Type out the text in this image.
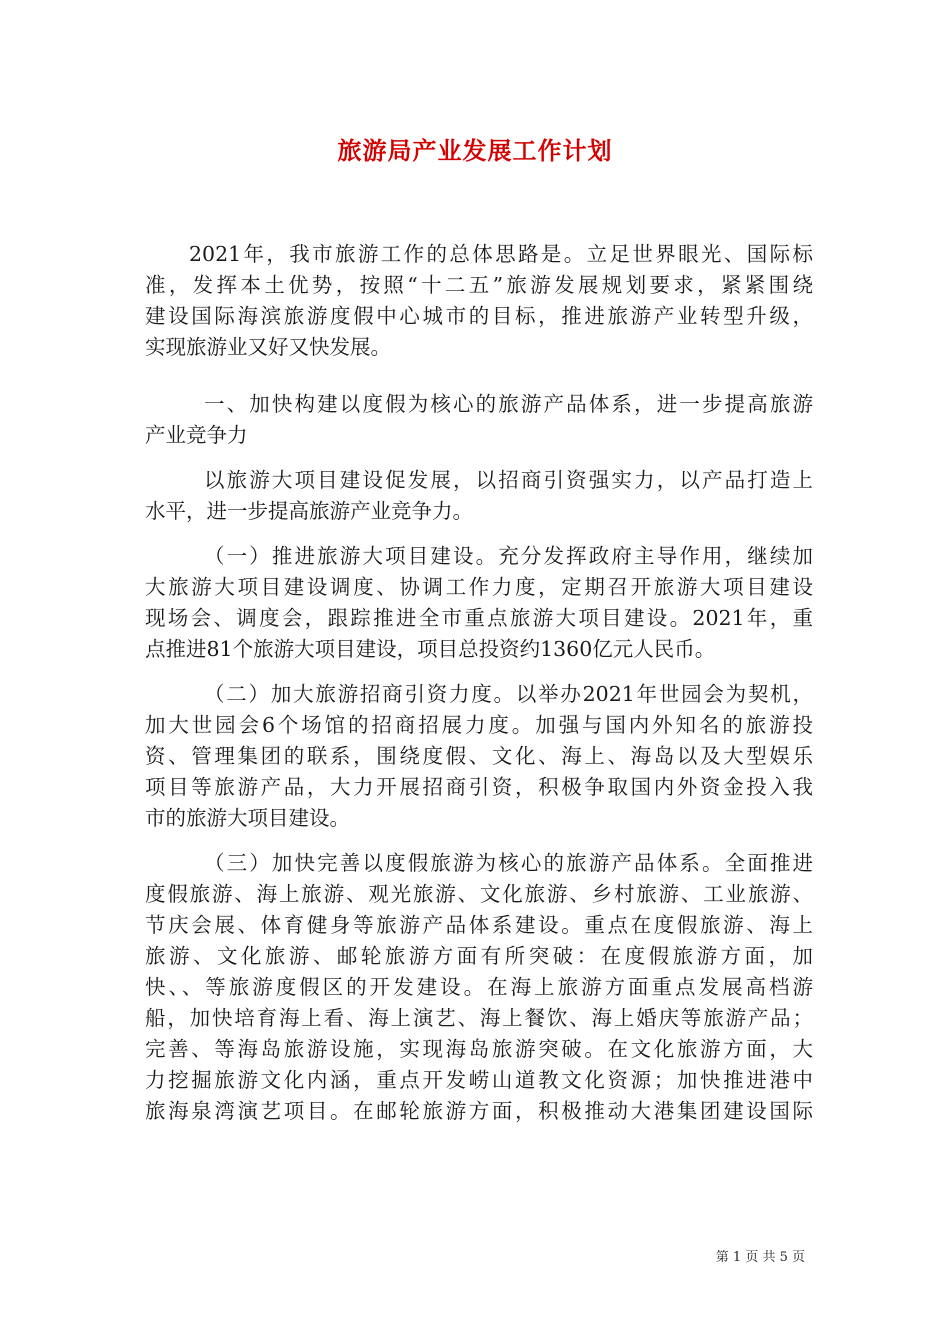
旅游局产业发展工作计划
2021年，我市旅游工作的总体思路是。立足世界眼光、国际标
准，发挥本土优势，按照“十二五”旅游发展规划要求，紧紧围绕
建设国际海滨旅游度假中心城市的目标，推进旅游产业转型升级，
实现旅游业又好又快发展。
一、加快构建以度假为核心的旅游产品体系，进一步提高旅游
产业竞争力
以旅游大项目建设促发展，以招商引资强实力，以产品打造上
水平，进一步提高旅游产业竞争力。
（一）推进旅游大项目建设。充分发挥政府主导作用，继续加
大旅游大项目建设调度、协调工作力度，定期召开旅游大项目建设
现场会、调度会，跟踪推进全市重点旅游大项目建设。2021年，重
点推进81个旅游大项目建设，项目总投资约1360亿元人民币。
（二）加大旅游招商引资力度。以举办2021年世园会为契机，
加大世园会6个场馆的招商招展力度。加强与国内外知名的旅游投
资、管理集团的联系，围绕度假、文化、海上、海岛以及大型娱乐
项目等旅游产品，大力开展招商引资，积极争取国内外资金投入我
市的旅游大项目建设。
（三）加快完善以度假旅游为核心的旅游产品体系。全面推进
度假旅游、海上旅游、观光旅游、文化旅游、乡村旅游、工业旅游、
节庆会展、体育健身等旅游产品体系建设。重点在度假旅游、海上
旅游、文化旅游、邮轮旅游方面有所突破：在度假旅游方面，加
快、、等旅游度假区的开发建设。在海上旅游方面重点发展高档游
船，加快培育海上看、海上演艺、海上餐饮、海上婚庆等旅游产品；
完善、等海岛旅游设施，实现海岛旅游突破。在文化旅游方面，大
力挖掘旅游文化内涵，重点开发崂山道教文化资源；加快推进港中
旅海泉湾演艺项目。在邮轮旅游方面，积极推动大港集团建设国际
第 1 页 共 5 页
